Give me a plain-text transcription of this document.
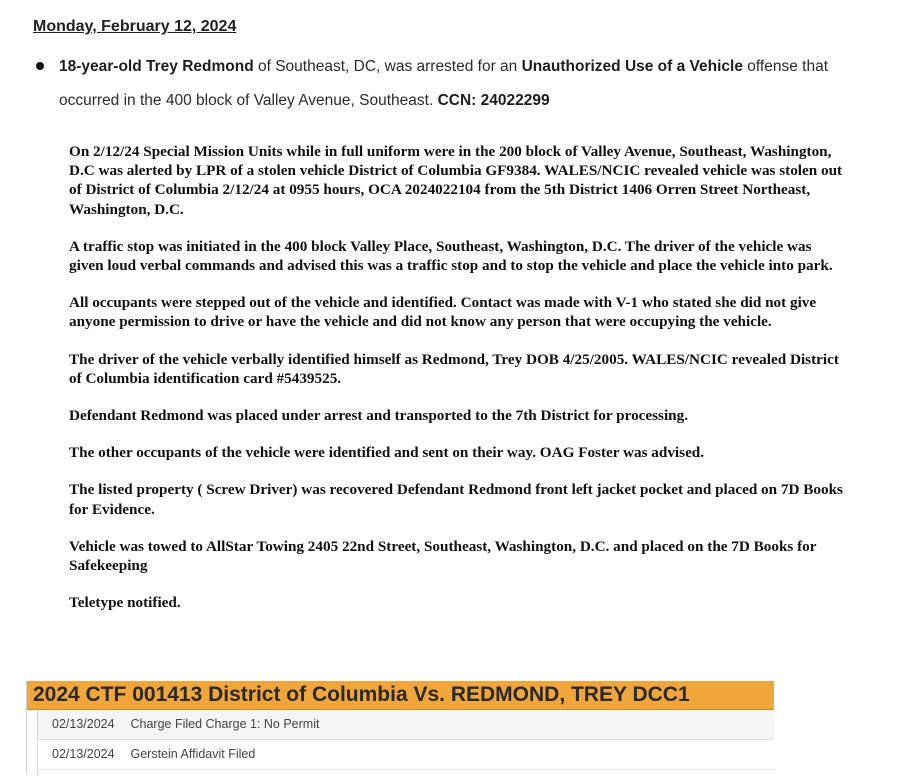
Monday, February 12, 2024
18-year-old Trey Redmond of Southeast, DC, was arrested for an Unauthorized Use of a Vehicle offense that occurred in the 400 block of Valley Avenue, Southeast. CCN: 24022299

On 2/12/24 Special Mission Units while in full uniform were in the 200 block of Valley Avenue, Southeast, Washington, D.C was alerted by LPR of a stolen vehicle District of Columbia GF9384. WALES/NCIC revealed vehicle was stolen out of District of Columbia 2/12/24 at 0955 hours, OCA 2024022104 from the 5th District 1406 Orren Street Northeast, Washington, D.C.

A traffic stop was initiated in the 400 block Valley Place, Southeast, Washington, D.C. The driver of the vehicle was given loud verbal commands and advised this was a traffic stop and to stop the vehicle and place the vehicle into park.

All occupants were stepped out of the vehicle and identified. Contact was made with V-1 who stated she did not give anyone permission to drive or have the vehicle and did not know any person that were occupying the vehicle.

The driver of the vehicle verbally identified himself as Redmond, Trey DOB 4/25/2005. WALES/NCIC revealed District of Columbia identification card #5439525.

Defendant Redmond was placed under arrest and transported to the 7th District for processing.

The other occupants of the vehicle were identified and sent on their way. OAG Foster was advised.

The listed property ( Screw Driver) was recovered Defendant Redmond front left jacket pocket and placed on 7D Books for Evidence.

Vehicle was towed to AllStar Towing 2405 22nd Street, Southeast, Washington, D.C. and placed on the 7D Books for Safekeeping

Teletype notified.

2024 CTF 001413 District of Columbia Vs. REDMOND, TREY DCC1
02/13/2024 Charge Filed Charge 1: No Permit
02/13/2024 Gerstein Affidavit Filed
